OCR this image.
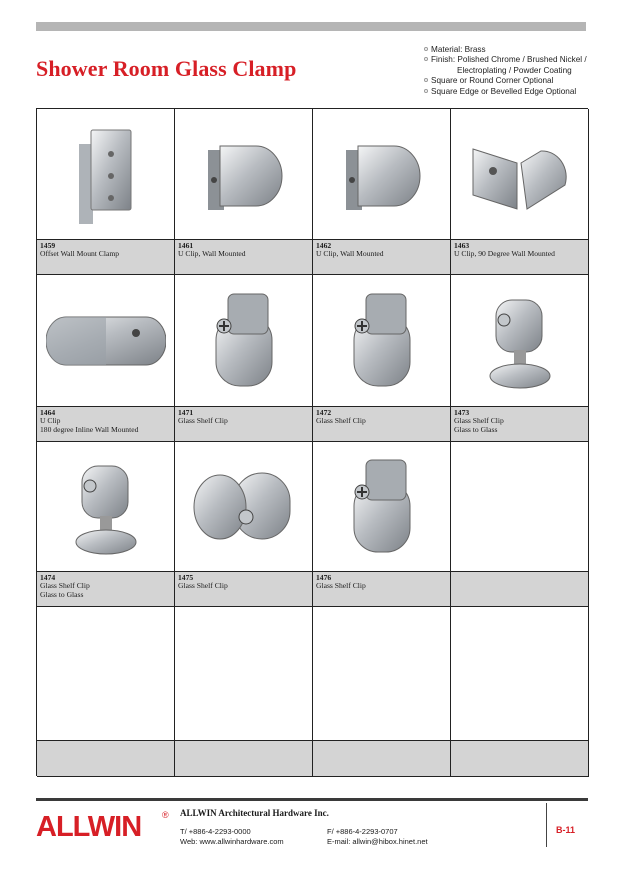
Shower Room Glass Clamp
Material: Brass
Finish: Polished Chrome / Brushed Nickel /
Electroplating / Powder Coating
Square or Round Corner Optional
Square Edge or Bevelled Edge Optional
1459
Offset Wall Mount Clamp
1461
U Clip, Wall Mounted
1462
U Clip, Wall Mounted
1463
U Clip, 90 Degree Wall Mounted
1464
U Clip
180 degree Inline Wall Mounted
1471
Glass Shelf Clip
1472
Glass Shelf Clip
1473
Glass Shelf Clip
Glass to Glass
1474
Glass Shelf Clip
Glass to Glass
1475
Glass Shelf Clip
1476
Glass Shelf Clip
ALLWIN ® ALLWIN Architectural Hardware Inc.
T/ +886-4-2293-0000
Web: www.allwinhardware.com
F/ +886-4-2293-0707
E-mail: allwin@hibox.hinet.net
B-11
